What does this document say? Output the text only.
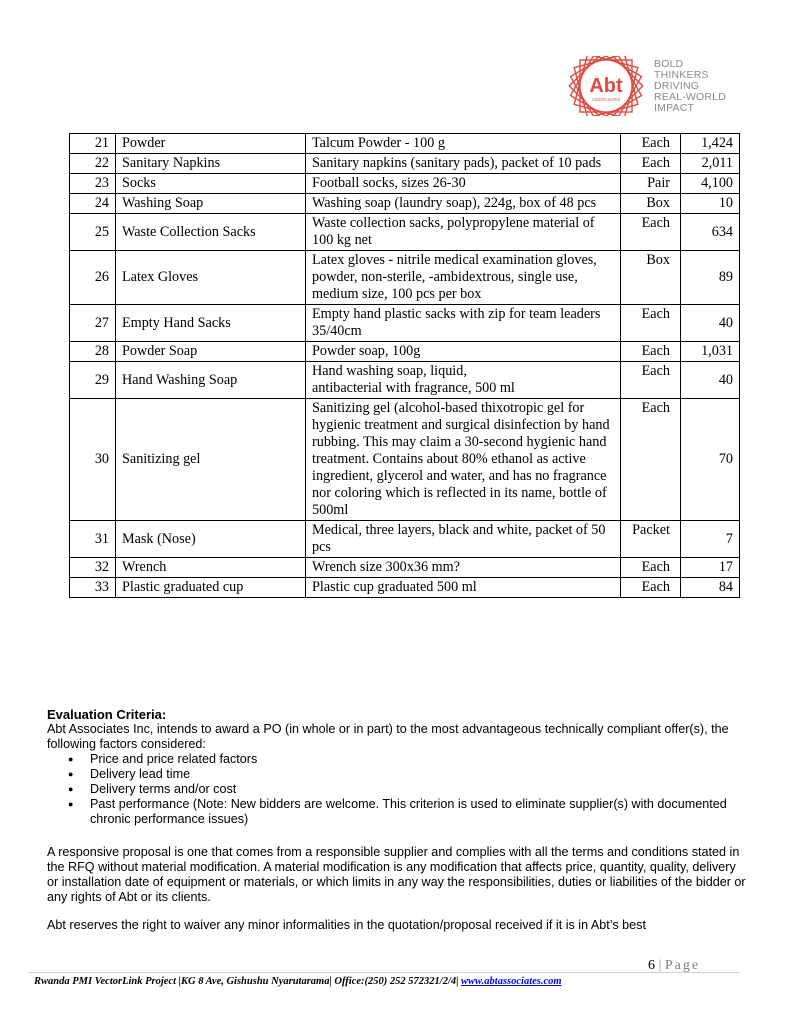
Abt
ASSOCIATES
BOLD
THINKERS
DRIVING
REAL-WORLD
IMPACT
21	Powder	Talcum Powder - 100 g	Each	1,424
22	Sanitary Napkins	Sanitary napkins (sanitary pads), packet of 10 pads	Each	2,011
23	Socks	Football socks, sizes 26-30	Pair	4,100
24	Washing Soap	Washing soap (laundry soap), 224g, box of 48 pcs	Box	10
25	Waste Collection Sacks	Waste collection sacks, polypropylene material of 100 kg net	Each	634
26	Latex Gloves	Latex gloves - nitrile medical examination gloves, powder, non-sterile, -ambidextrous, single use,
medium size, 100 pcs per box	Box	89
27	Empty Hand Sacks	Empty hand plastic sacks with zip for team leaders 35/40cm	Each	40
28	Powder Soap	Powder soap, 100g	Each	1,031
29	Hand Washing Soap	Hand washing soap, liquid,
antibacterial with fragrance, 500 ml	Each	40
30	Sanitizing gel	Sanitizing gel (alcohol-based thixotropic gel for hygienic treatment and surgical disinfection by hand rubbing. This may claim a 30-second hygienic hand treatment. Contains about 80% ethanol as active ingredient, glycerol and water, and has no fragrance nor coloring which is reflected in its name, bottle of 500ml	Each	70
31	Mask (Nose)	Medical, three layers, black and white, packet of 50 pcs	Packet	7
32	Wrench	Wrench size 300x36 mm?	Each	17
33	Plastic graduated cup	Plastic cup graduated 500 ml	Each	84
Evaluation Criteria:
Abt Associates Inc, intends to award a PO (in whole or in part) to the most advantageous technically compliant offer(s), the following factors considered:
● Price and price related factors
● Delivery lead time
● Delivery terms and/or cost
● Past performance (Note: New bidders are welcome. This criterion is used to eliminate supplier(s) with documented chronic performance issues)
A responsive proposal is one that comes from a responsible supplier and complies with all the terms and conditions stated in the RFQ without material modification. A material modification is any modification that affects price, quantity, quality, delivery or installation date of equipment or materials, or which limits in any way the responsibilities, duties or liabilities of the bidder or any rights of Abt or its clients.
Abt reserves the right to waiver any minor informalities in the quotation/proposal received if it is in Abt’s best
6 | Page
Rwanda PMI VectorLink Project |KG 8 Ave, Gishushu Nyarutarama| Office:(250) 252 572321/2/4| www.abtassociates.com
